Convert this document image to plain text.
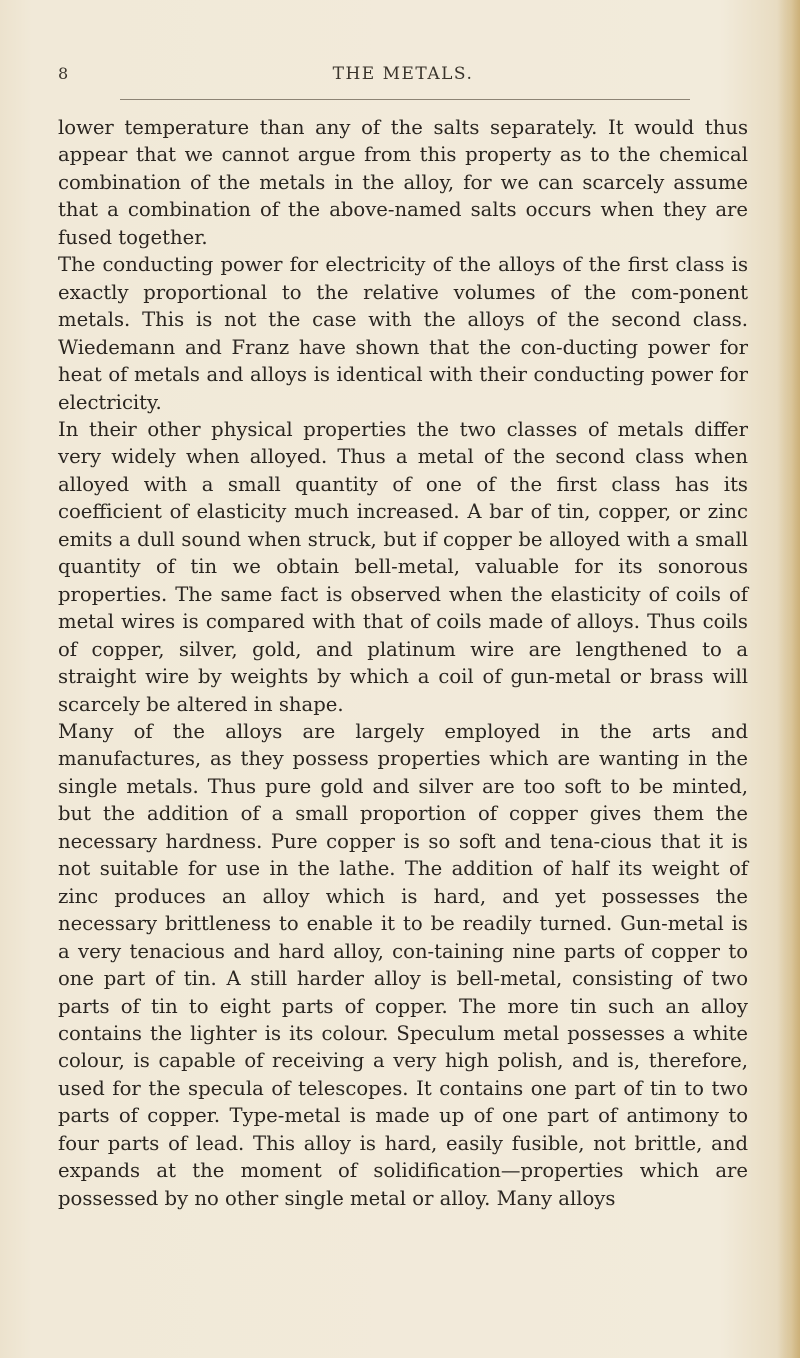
8	THE METALS.

lower temperature than any of the salts separately. It would thus appear that we cannot argue from this property as to the chemical combination of the metals in the alloy, for we can scarcely assume that a combination of the above-named salts occurs when they are fused together.

The conducting power for electricity of the alloys of the first class is exactly proportional to the relative volumes of the com-ponent metals. This is not the case with the alloys of the second class. Wiedemann and Franz have shown that the con-ducting power for heat of metals and alloys is identical with their conducting power for electricity.

In their other physical properties the two classes of metals differ very widely when alloyed. Thus a metal of the second class when alloyed with a small quantity of one of the first class has its coefficient of elasticity much increased. A bar of tin, copper, or zinc emits a dull sound when struck, but if copper be alloyed with a small quantity of tin we obtain bell-metal, valuable for its sonorous properties. The same fact is observed when the elasticity of coils of metal wires is compared with that of coils made of alloys. Thus coils of copper, silver, gold, and platinum wire are lengthened to a straight wire by weights by which a coil of gun-metal or brass will scarcely be altered in shape.

Many of the alloys are largely employed in the arts and manufactures, as they possess properties which are wanting in the single metals. Thus pure gold and silver are too soft to be minted, but the addition of a small proportion of copper gives them the necessary hardness. Pure copper is so soft and tena-cious that it is not suitable for use in the lathe. The addition of half its weight of zinc produces an alloy which is hard, and yet possesses the necessary brittleness to enable it to be readily turned. Gun-metal is a very tenacious and hard alloy, con-taining nine parts of copper to one part of tin. A still harder alloy is bell-metal, consisting of two parts of tin to eight parts of copper. The more tin such an alloy contains the lighter is its colour. Speculum metal possesses a white colour, is capable of receiving a very high polish, and is, therefore, used for the specula of telescopes. It contains one part of tin to two parts of copper. Type-metal is made up of one part of antimony to four parts of lead. This alloy is hard, easily fusible, not brittle, and expands at the moment of solidification—properties which are possessed by no other single metal or alloy. Many alloys
